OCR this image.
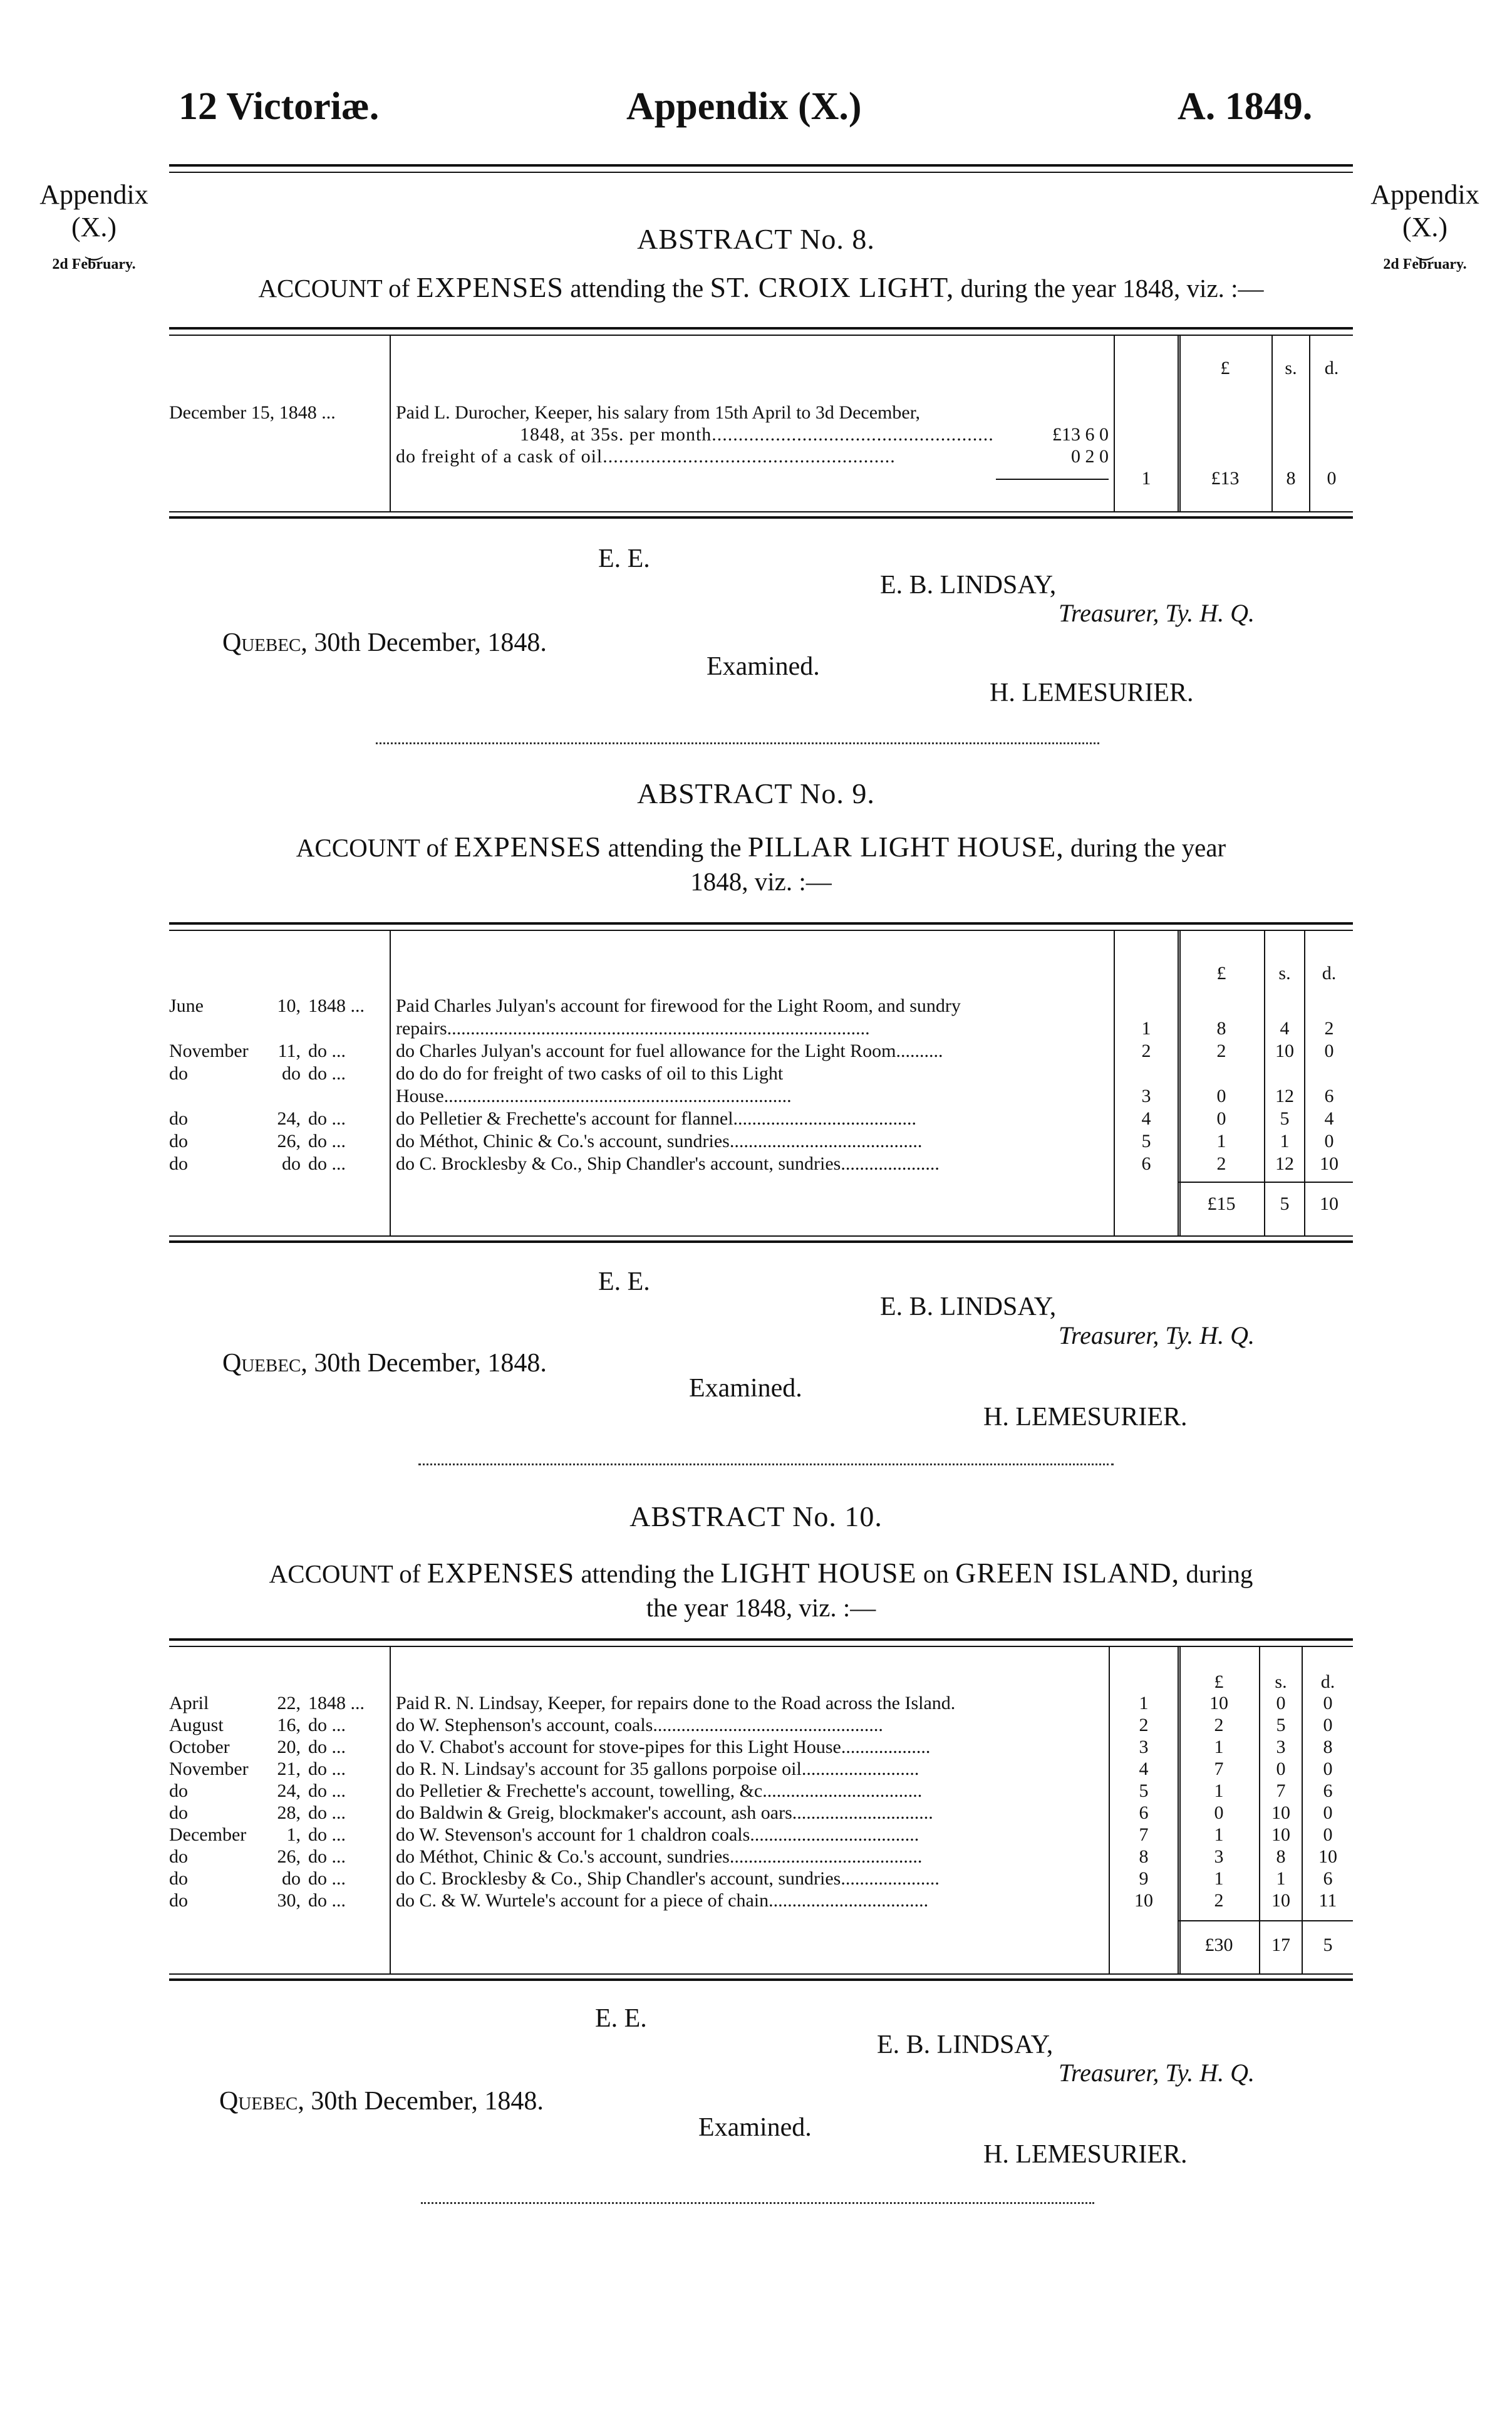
12 Victoriæ.	Appendix (X.)	A. 1849.
Appendix
(X.)
⏝
2d February.
Appendix
(X.)
⏝
2d February.
ABSTRACT No. 8.
ACCOUNT of EXPENSES attending the ST. CROIX LIGHT, during the year 1848, viz. :—
£	s.	d.
December 15, 1848 ...	Paid L. Durocher, Keeper, his salary from 15th April to 3d December,
1848, at 35s. per month.....................................................	£13 6 0
do freight of a cask of oil.......................................................	0 2 0
1	£13	8	0
E. E.
E. B. LINDSAY,
Treasurer, Ty. H. Q.
Quebec, 30th December, 1848.
Examined.
H. LEMESURIER.
ABSTRACT No. 9.
ACCOUNT of EXPENSES attending the PILLAR LIGHT HOUSE, during the year
1848, viz. :—
£	s.	d.
June	10, 1848 ... Paid Charles Julyan's account for firewood for the Light Room, and sundry
repairs..........................................................................................	1	8	4	2
November	11, do ...	do Charles Julyan's account for fuel allowance for the Light Room..........	2	2	10	0
do	do do ...	do do do for freight of two casks of oil to this Light
House..........................................................................	3	0	12	6
do	24, do ...	do Pelletier & Frechette's account for flannel.......................................	4	0	5	4
do	26, do ...	do Méthot, Chinic & Co.'s account, sundries.........................................	5	1	1	0
do	do do ...	do C. Brocklesby & Co., Ship Chandler's account, sundries.....................	6	2	12	10
£15	5	10
E. E.
E. B. LINDSAY,
Treasurer, Ty. H. Q.
Quebec, 30th December, 1848.
Examined.
H. LEMESURIER.
ABSTRACT No. 10.
ACCOUNT of EXPENSES attending the LIGHT HOUSE on GREEN ISLAND, during
the year 1848, viz. :—
£	s.	d.
April	22, 1848 ... Paid R. N. Lindsay, Keeper, for repairs done to the Road across the Island.	1	10	0	0
August	16, do ...	do W. Stephenson's account, coals.................................................	2	2	5	0
October	20, do ...	do V. Chabot's account for stove-pipes for this Light House...................	3	1	3	8
November	21, do ...	do R. N. Lindsay's account for 35 gallons porpoise oil.........................	4	7	0	0
do	24, do ...	do Pelletier & Frechette's account, towelling, &c..................................	5	1	7	6
do	28, do ...	do Baldwin & Greig, blockmaker's account, ash oars..............................	6	0	10	0
December	1, do ...	do W. Stevenson's account for 1 chaldron coals....................................	7	1	10	0
do	26, do ...	do Méthot, Chinic & Co.'s account, sundries.........................................	8	3	8	10
do	do do ...	do C. Brocklesby & Co., Ship Chandler's account, sundries.....................	9	1	1	6
do	30, do ...	do C. & W. Wurtele's account for a piece of chain..................................	10	2	10	11
£30	17	5
E. E.
E. B. LINDSAY,
Treasurer, Ty. H. Q.
Quebec, 30th December, 1848.
Examined.
H. LEMESURIER.
